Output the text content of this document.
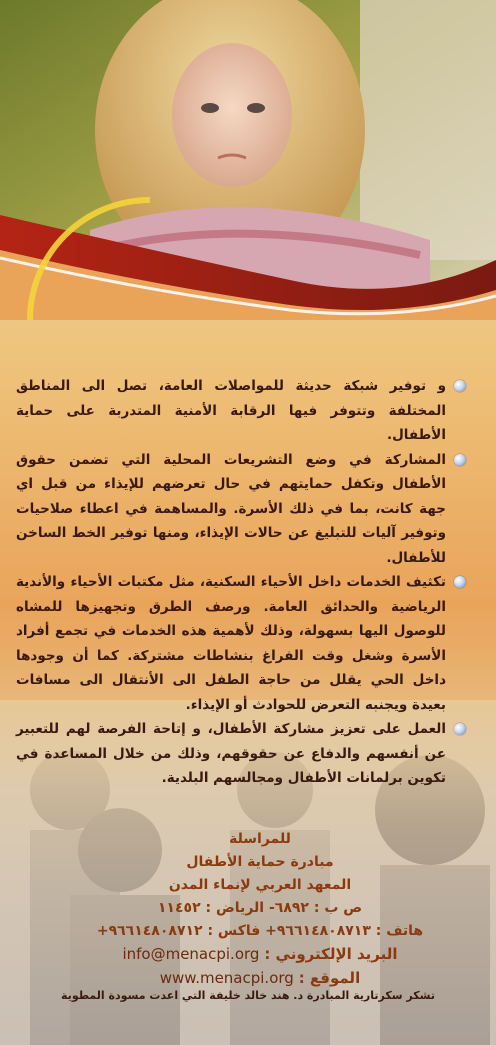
و توفير شبكة حديثة للمواصلات العامة، تصل الى المناطق المختلفة وتتوفر فيها الرقابة الأمنية المتدربة على حماية الأطفال.
المشاركة في وضع التشريعات المحلية التي تضمن حقوق الأطفال وتكفل حمايتهم في حال تعرضهم للإيذاء من قبل اي جهة كانت، بما في ذلك الأسرة. والمساهمة في اعطاء صلاحيات وتوفير آليات للتبليغ عن حالات الإيذاء، ومنها توفير الخط الساخن للأطفال.
تكثيف الخدمات داخل الأحياء السكنية، مثل مكتبات الأحياء والأندية الرياضية والحدائق العامة. ورصف الطرق وتجهيزها للمشاه للوصول اليها بسهولة، وذلك لأهمية هذه الخدمات في تجمع أفراد الأسرة وشغل وقت الفراغ بنشاطات مشتركة. كما أن وجودها داخل الحي يقلل من حاجة الطفل الى الأنتقال الى مسافات بعيدة ويجنبه التعرض للحوادث أو الإيذاء.
العمل على تعزيز مشاركة الأطفال، و إتاحة الفرصة لهم للتعبير عن أنفسهم والدفاع عن حقوقهم، وذلك من خلال المساعدة في تكوين برلمانات الأطفال ومجالسهم البلدية.
للمراسلة
مبادرة حماية الأطفال
المعهد العربي لإنماء المدن
ص ب : ٦٨٩٢- الرياض : ١١٤٥٢
هاتف : ٩٦٦١٤٨٠٨٧١٣+ فاكس : ٩٦٦١٤٨٠٨٧١٢+
البريد الإلكتروني : info@menacpi.org
الموقع : www.menacpi.org
تشكر سكرتارية المبادرة د. هند خالد خليفة التي اعدت مسودة المطوية
